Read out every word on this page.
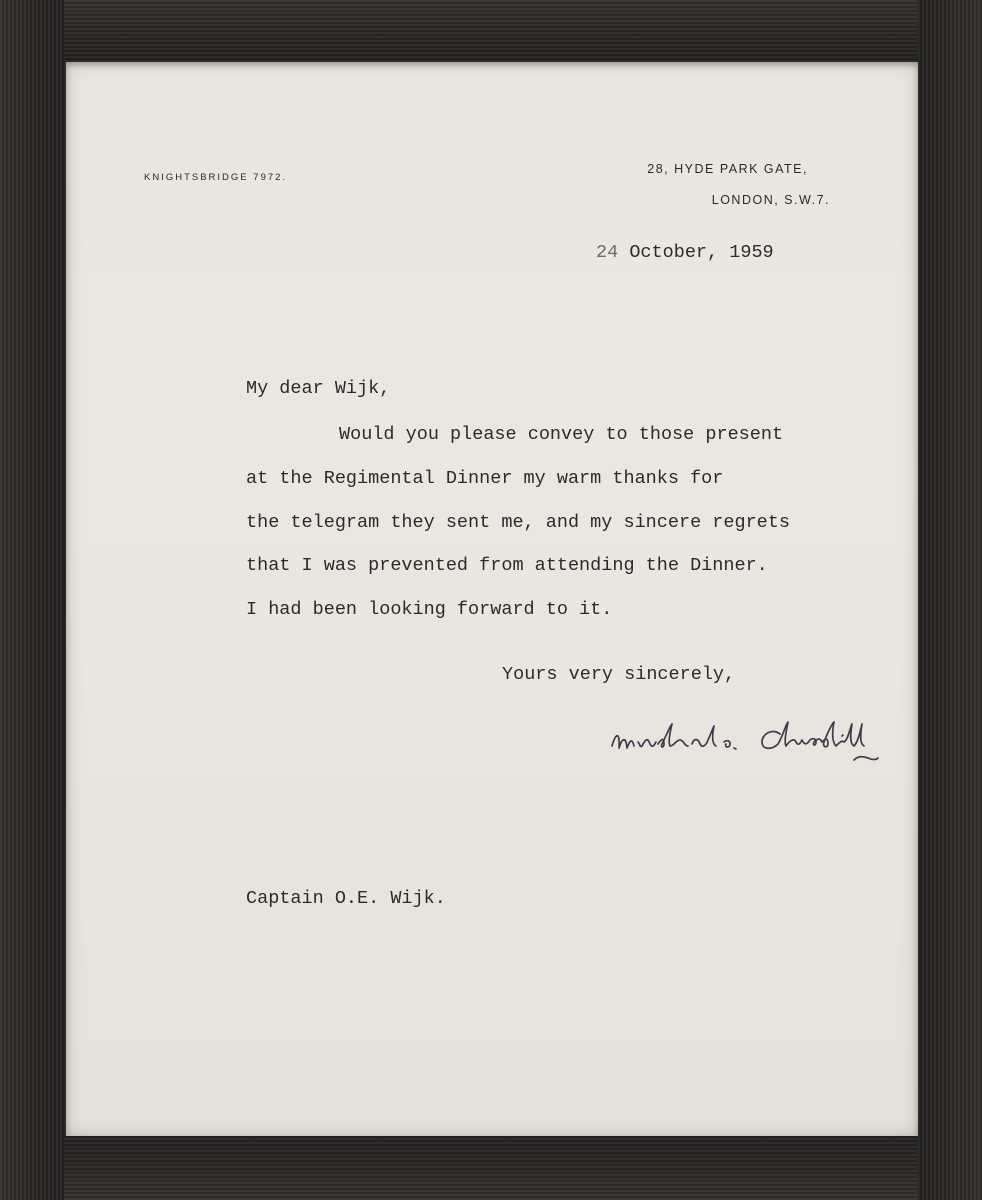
KNIGHTSBRIDGE 7972.
28, HYDE PARK GATE,
LONDON, S.W.7.
24 October, 1959
My dear Wijk,
Would you please convey to those present
at the Regimental Dinner my warm thanks for
the telegram they sent me, and my sincere regrets
that I was prevented from attending the Dinner.
I had been looking forward to it.
Yours very sincerely,
Captain O.E. Wijk.
